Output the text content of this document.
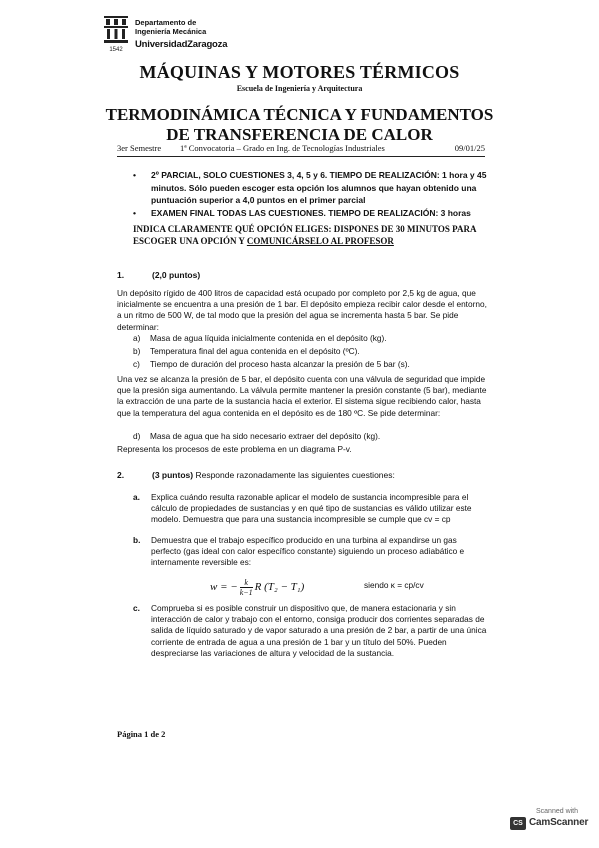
1542
Departamento de
Ingeniería Mecánica
UniversidadZaragoza
MÁQUINAS Y MOTORES TÉRMICOS
Escuela de Ingeniería y Arquitectura
TERMODINÁMICA TÉCNICA Y FUNDAMENTOS
DE TRANSFERENCIA DE CALOR
3er Semestre 1ª Convocatoria – Grado en Ing. de Tecnologías Industriales	09/01/25
• 2º PARCIAL, SOLO CUESTIONES 3, 4, 5 y 6. TIEMPO DE REALIZACIÓN: 1 hora y 45 minutos. Sólo pueden escoger esta opción los alumnos que hayan obtenido una puntuación superior a 4,0 puntos en el primer parcial
• EXAMEN FINAL TODAS LAS CUESTIONES. TIEMPO DE REALIZACIÓN: 3 horas
INDICA CLARAMENTE QUÉ OPCIÓN ELIGES: DISPONES DE 30 MINUTOS PARA ESCOGER UNA OPCIÓN Y COMUNICÁRSELO AL PROFESOR
1.	(2,0 puntos)
Un depósito rígido de 400 litros de capacidad está ocupado por completo por 2,5 kg de agua, que inicialmente se encuentra a una presión de 1 bar. El depósito empieza recibir calor desde el entorno, a un ritmo de 500 W, de tal modo que la presión del agua se incrementa hasta 5 bar. Se pide determinar:
a) Masa de agua líquida inicialmente contenida en el depósito (kg).
b) Temperatura final del agua contenida en el depósito (ºC).
c) Tiempo de duración del proceso hasta alcanzar la presión de 5 bar (s).
Una vez se alcanza la presión de 5 bar, el depósito cuenta con una válvula de seguridad que impide que la presión siga aumentando. La válvula permite mantener la presión constante (5 bar), mediante la extracción de una parte de la sustancia hacia el exterior. El sistema sigue recibiendo calor, hasta que la temperatura del agua contenida en el depósito es de 180 ºC. Se pide determinar:
d) Masa de agua que ha sido necesario extraer del depósito (kg).
Representa los procesos de este problema en un diagrama P-v.
2.	(3 puntos) Responde razonadamente las siguientes cuestiones:
a. Explica cuándo resulta razonable aplicar el modelo de sustancia incompresible para el cálculo de propiedades de sustancias y en qué tipo de sustancias es válido utilizar este modelo. Demuestra que para una sustancia incompresible se cumple que cv = cp
b. Demuestra que el trabajo específico producido en una turbina al expandirse un gas perfecto (gas ideal con calor específico constante) siguiendo un proceso adiabático e internamente reversible es:
w = − $\frac{k}{k-1}$ R (T₂ − T₁)	siendo κ = cp/cv
c. Comprueba si es posible construir un dispositivo que, de manera estacionaria y sin interacción de calor y trabajo con el entorno, consiga producir dos corrientes separadas de salida de líquido saturado y de vapor saturado a una presión de 2 bar, a partir de una única corriente de entrada de agua a una presión de 1 bar y un título del 50%. Pueden despreciarse las variaciones de altura y velocidad de la sustancia.
Página 1 de 2
Scanned with
CS CamScanner
